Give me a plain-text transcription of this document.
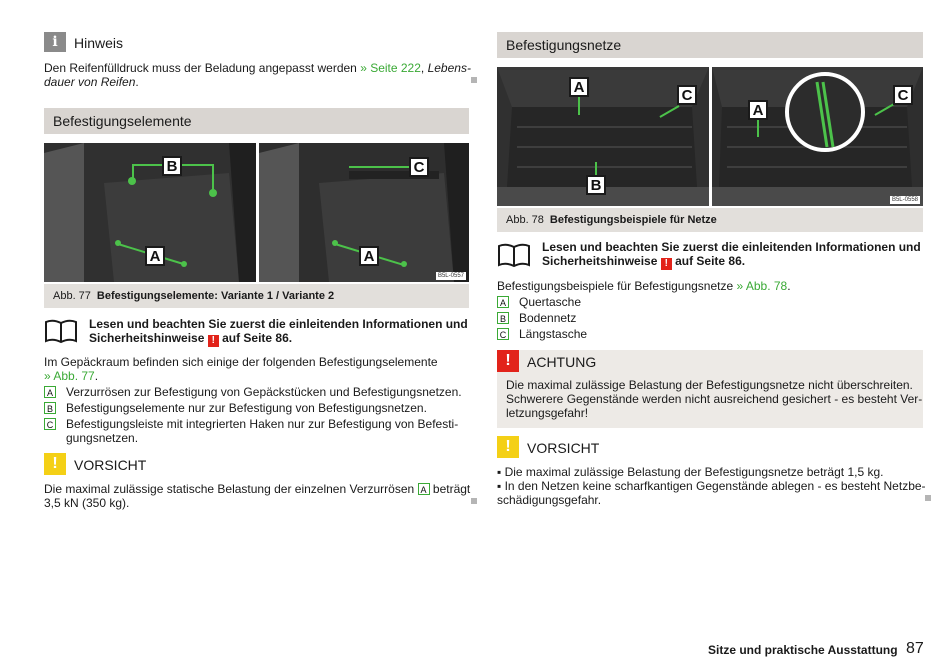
i Hinweis

Den Reifenfülldruck muss der Beladung angepasst werden » Seite 222, Lebens-
dauer von Reifen.

Befestigungselemente
B
A
C
A
B5L-0557
Abb. 77 Befestigungselemente: Variante 1 / Variante 2

Lesen und beachten Sie zuerst die einleitenden Informationen und
Sicherheitshinweise ! auf Seite 86.

Im Gepäckraum befinden sich einige der folgenden Befestigungselemente
» Abb. 77.

A Verzurrösen zur Befestigung von Gepäckstücken und Befestigungsnetzen.
B Befestigungselemente nur zur Befestigung von Befestigungsnetzen.
C Befestigungsleiste mit integrierten Haken nur zur Befestigung von Befesti-
gungsnetzen.
! VORSICHT

Die maximal zulässige statische Belastung der einzelnen Verzurrösen A beträgt
3,5 kN (350 kg).

Befestigungsnetze
A	C
B
A
C
B5L-0558
Abb. 78 Befestigungsbeispiele für Netze

Lesen und beachten Sie zuerst die einleitenden Informationen und
Sicherheitshinweise ! auf Seite 86.

Befestigungsbeispiele für Befestigungsnetze » Abb. 78.

A Quertasche
B Bodennetz
C Längstasche
!	ACHTUNG

Die maximal zulässige Belastung der Befestigungsnetze nicht überschreiten.
Schwerere Gegenstände werden nicht ausreichend gesichert - es besteht Ver-
letzungsgefahr!

! VORSICHT

▪ Die maximal zulässige Belastung der Befestigungsnetze beträgt 1,5 kg.
▪ In den Netzen keine scharfkantigen Gegenstände ablegen - es besteht Netzbe-
schädigungsgefahr.

Sitze und praktische Ausstattung 87
